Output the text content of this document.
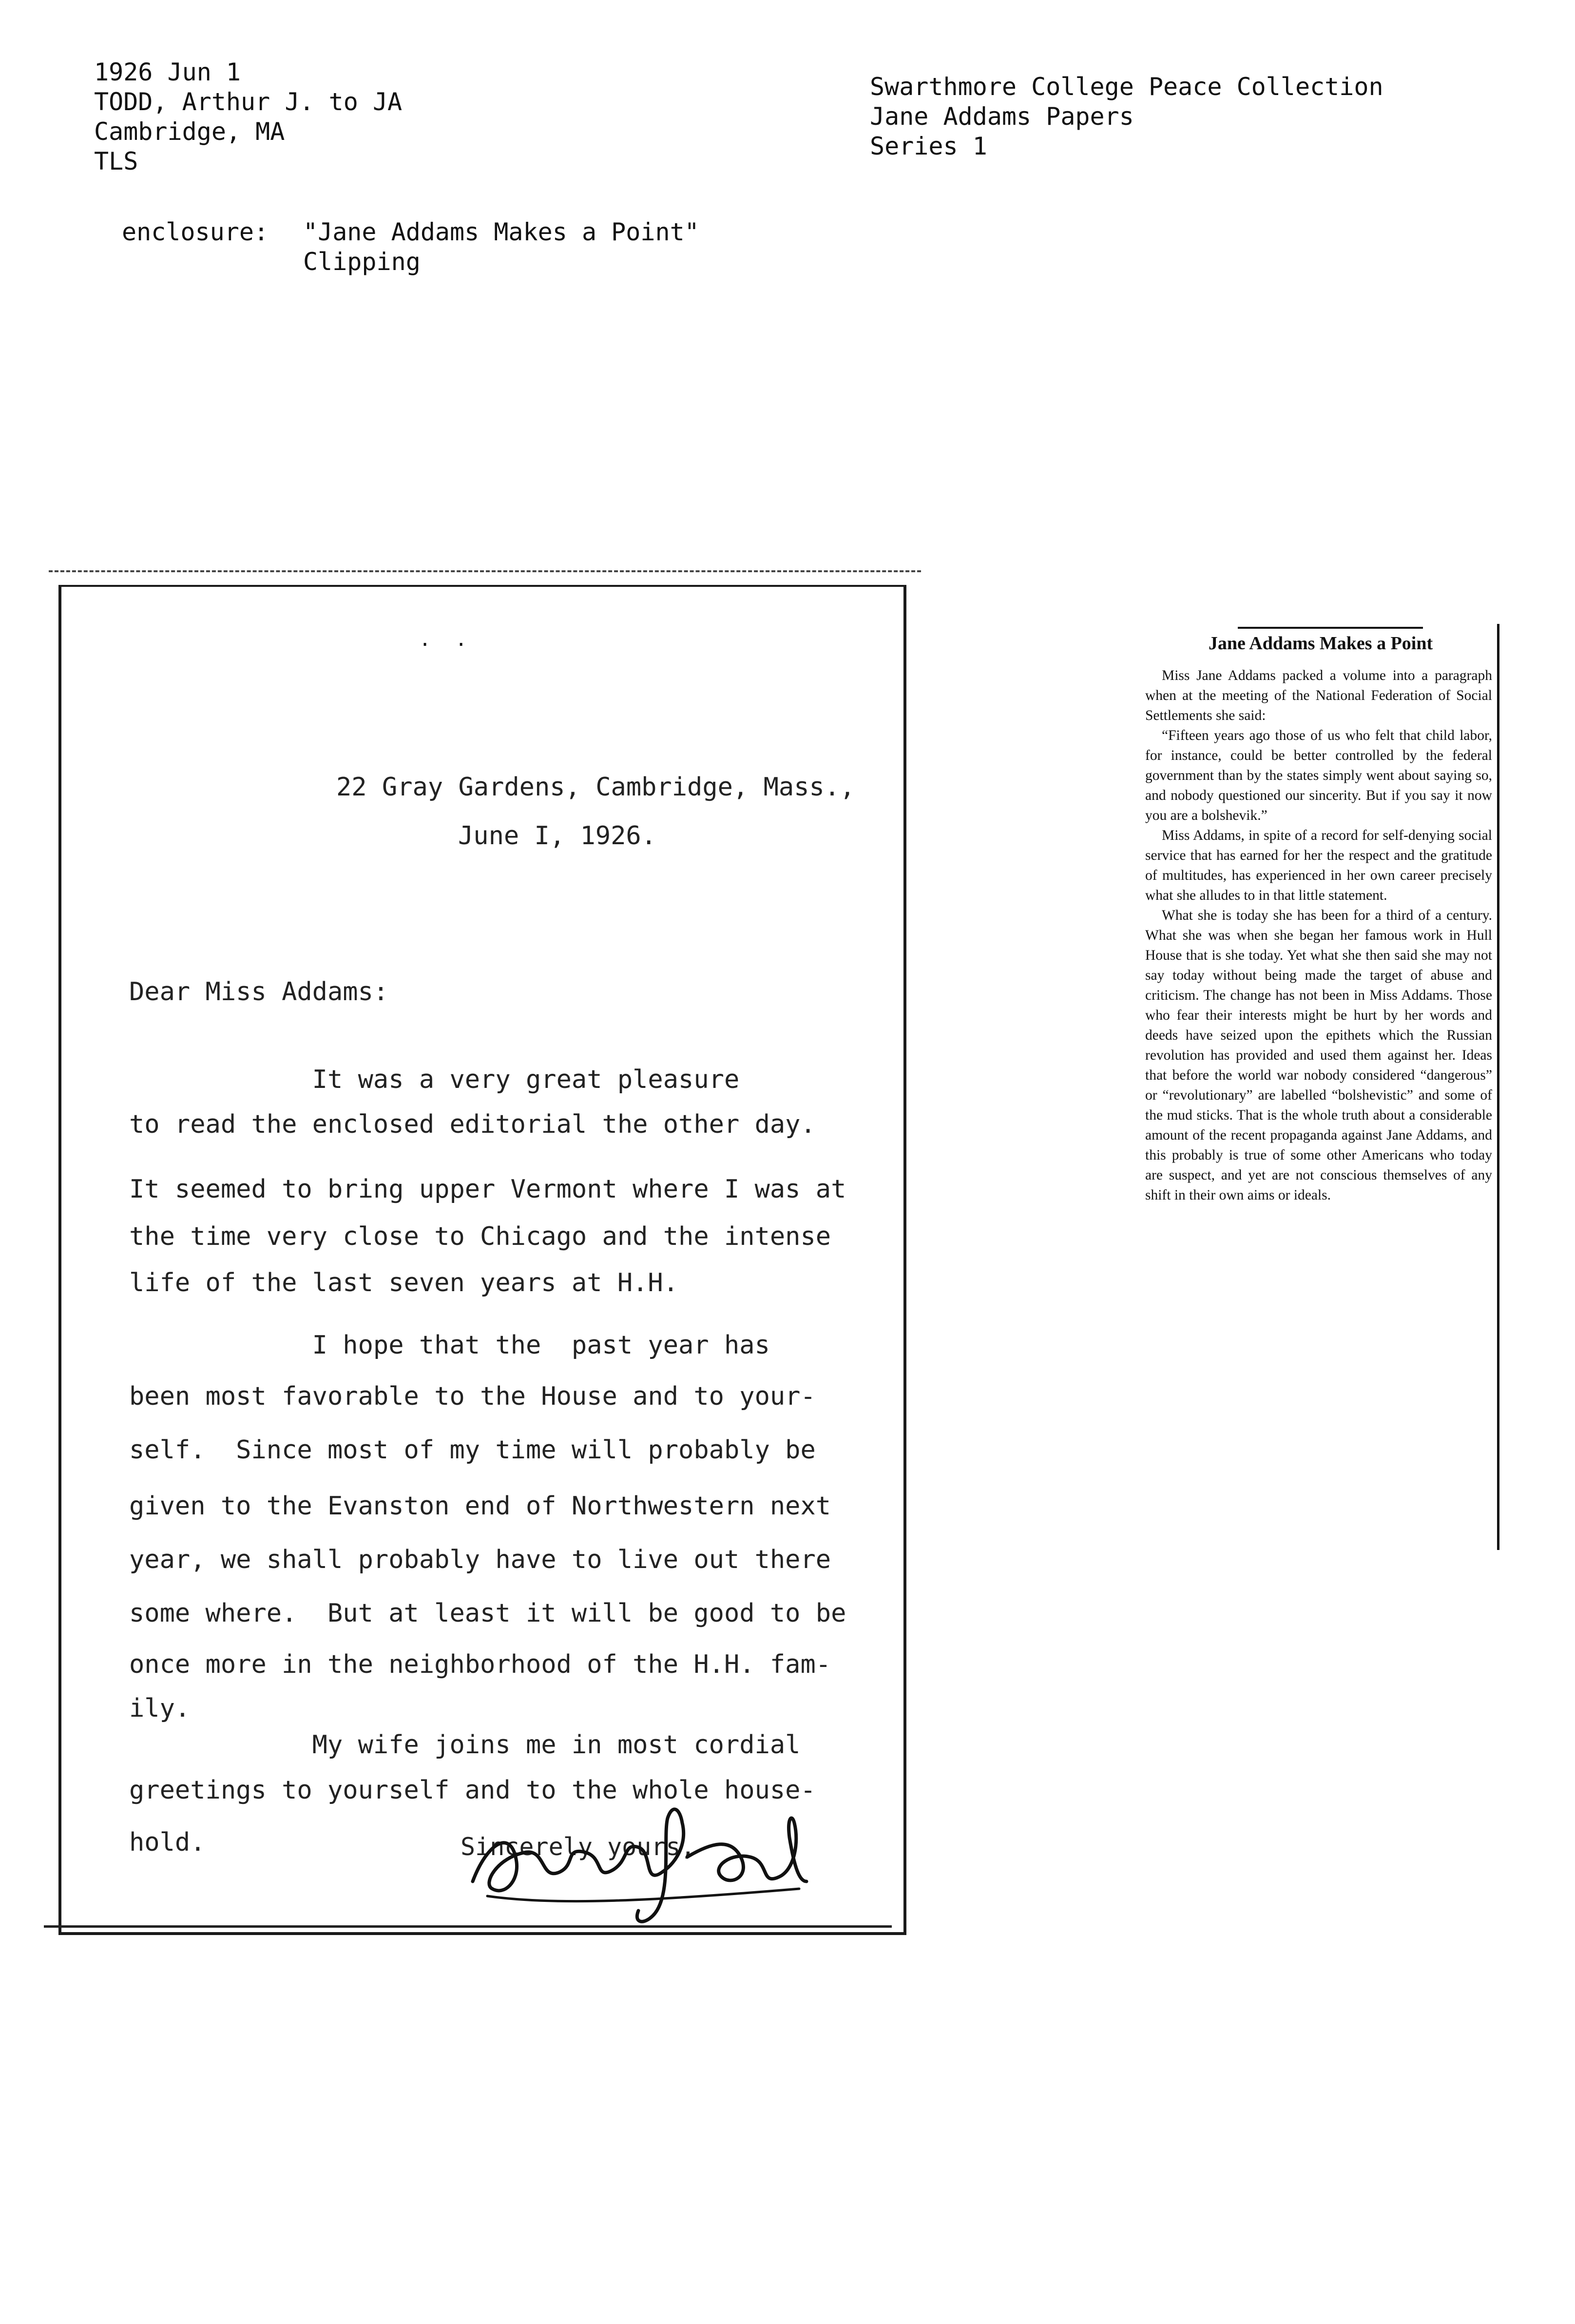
1926 Jun 1
TODD, Arthur J. to JA
Cambridge, MA
TLS
Swarthmore College Peace Collection
Jane Addams Papers
Series 1
enclosure: "Jane Addams Makes a Point"
Clipping
··
22 Gray Gardens, Cambridge, Mass.,
June I, 1926.
Dear Miss Addams:
It was a very great pleasure
to read the enclosed editorial the other day.
It seemed to bring upper Vermont where I was at
the time very close to Chicago and the intense
life of the last seven years at H.H.
I hope that the  past year has
been most favorable to the House and to your-
self.  Since most of my time will probably be
given to the Evanston end of Northwestern next
year, we shall probably have to live out there
some where.  But at least it will be good to be
once more in the neighborhood of the H.H. fam-
ily.
My wife joins me in most cordial
greetings to yourself and to the whole house-
hold.	Sincerely yours,
Jane Addams Makes a Point

Miss Jane Addams packed a volume into a paragraph when at the meeting of the National Federation of Social Settlements she said:

“Fifteen years ago those of us who felt that child labor, for instance, could be better controlled by the federal government than by the states simply went about saying so, and nobody questioned our sincerity. But if you say it now you are a bolshevik.”

Miss Addams, in spite of a record for self-denying social service that has earned for her the respect and the gratitude of multitudes, has experienced in her own career precisely what she alludes to in that little statement.

What she is today she has been for a third of a century. What she was when she began her famous work in Hull House that is she today. Yet what she then said she may not say today without being made the target of abuse and criticism. The change has not been in Miss Addams. Those who fear their interests might be hurt by her words and deeds have seized upon the epithets which the Russian revolution has provided and used them against her. Ideas that before the world war nobody considered “dangerous” or “revolutionary” are labelled “bolshevistic” and some of the mud sticks. That is the whole truth about a considerable amount of the recent propaganda against Jane Addams, and this probably is true of some other Americans who today are suspect, and yet are not conscious themselves of any shift in their own aims or ideals.
